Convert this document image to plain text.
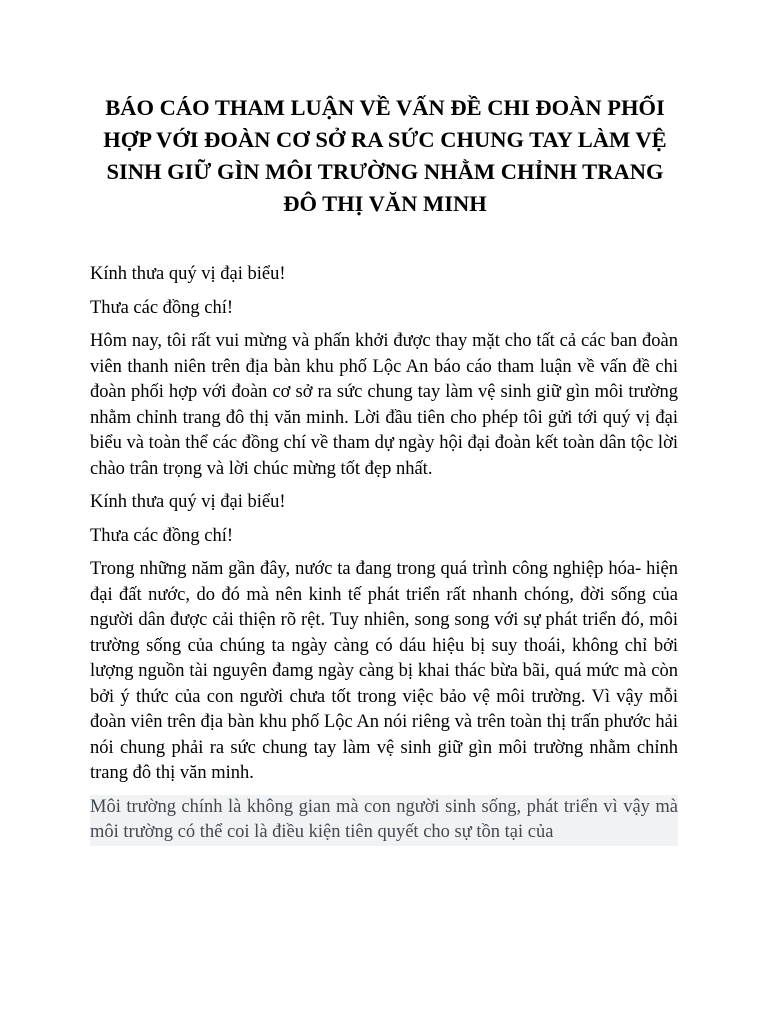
BÁO CÁO THAM LUẬN VỀ VẤN ĐỀ CHI ĐOÀN PHỐI HỢP VỚI ĐOÀN CƠ SỞ RA SỨC CHUNG TAY LÀM VỆ SINH GIỮ GÌN MÔI TRƯỜNG NHẰM CHỈNH TRANG ĐÔ THỊ VĂN MINH

Kính thưa quý vị đại biểu!

Thưa các đồng chí!

Hôm nay, tôi rất vui mừng và phấn khởi được thay mặt cho tất cả các ban đoàn viên thanh niên trên địa bàn khu phố Lộc An báo cáo tham luận về vấn đề chi đoàn phối hợp với đoàn cơ sở ra sức chung tay làm vệ sinh giữ gìn môi trường nhằm chỉnh trang đô thị văn minh. Lời đầu tiên cho phép tôi gửi tới quý vị đại biểu và toàn thể các đồng chí về tham dự ngày hội đại đoàn kết toàn dân tộc lời chào trân trọng và lời chúc mừng tốt đẹp nhất.

Kính thưa quý vị đại biểu!

Thưa các đồng chí!

Trong những năm gần đây, nước ta đang trong quá trình công nghiệp hóa- hiện đại đất nước, do đó mà nên kinh tế phát triển rất nhanh chóng, đời sống của người dân được cải thiện rõ rệt. Tuy nhiên, song song với sự phát triển đó, môi trường sống của chúng ta ngày càng có dáu hiệu bị suy thoái, không chỉ bởi lượng nguồn tài nguyên đamg ngày càng bị khai thác bừa bãi, quá mức mà còn bởi ý thức của con người chưa tốt trong việc bảo vệ môi trường. Vì vậy mỗi đoàn viên trên địa bàn khu phố Lộc An nói riêng và trên toàn thị trấn phước hải nói chung phải ra sức chung tay làm vệ sinh giữ gìn môi trường nhằm chỉnh trang đô thị văn minh.

Môi trường chính là không gian mà con người sinh sống, phát triển vì vậy mà môi trường có thể coi là điều kiện tiên quyết cho sự tồn tại của
